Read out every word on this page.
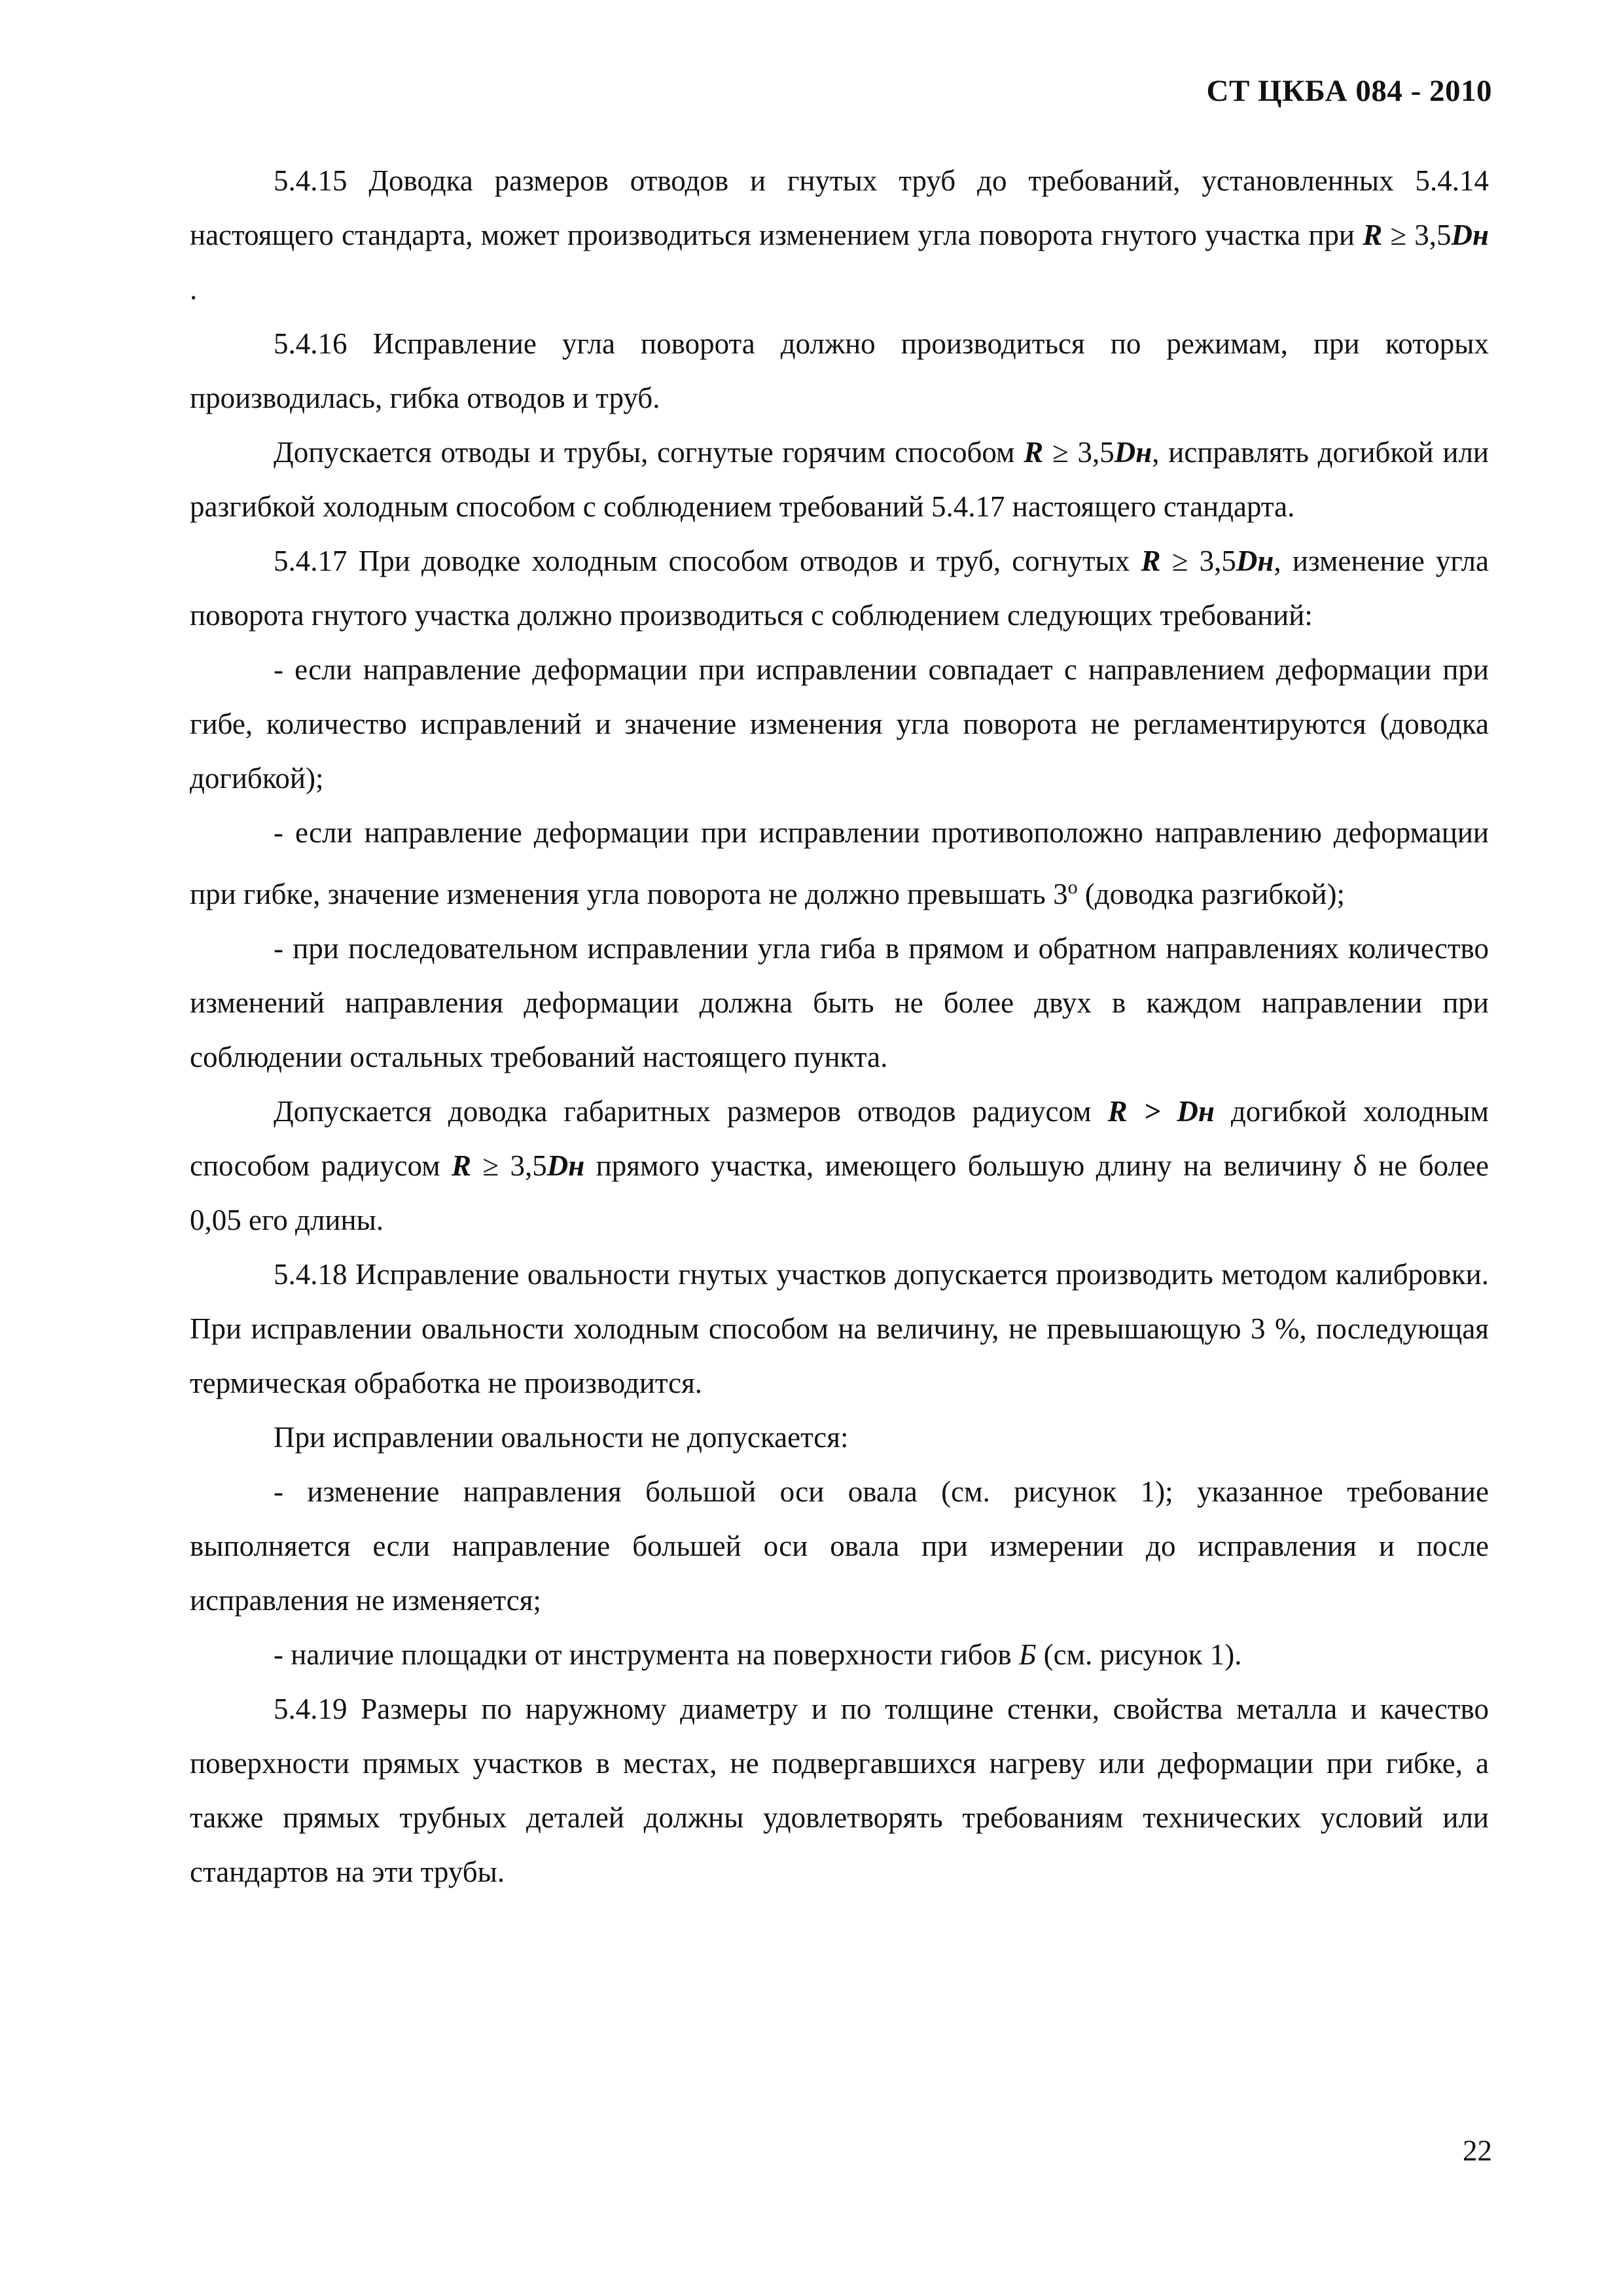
СТ ЦКБА 084 - 2010

5.4.15 Доводка размеров отводов и гнутых труб до требований, установленных 5.4.14 настоящего стандарта, может производиться изменением угла поворота гнутого участка при R ≥ 3,5Dн .

5.4.16 Исправление угла поворота должно производиться по режимам, при которых производилась, гибка отводов и труб.

Допускается отводы и трубы, согнутые горячим способом R ≥ 3,5Dн, исправлять догибкой или разгибкой холодным способом с соблюдением требований 5.4.17 настоящего стандарта.

5.4.17 При доводке холодным способом отводов и труб, согнутых R ≥ 3,5Dн, изменение угла поворота гнутого участка должно производиться с соблюдением следующих требований:

- если направление деформации при исправлении совпадает с направлением деформации при гибе, количество исправлений и значение изменения угла поворота не регламентируются (доводка догибкой);

- если направление деформации при исправлении противоположно направлению деформации при гибке, значение изменения угла поворота не должно превышать $3^о$ (доводка разгибкой);

- при последовательном исправлении угла гиба в прямом и обратном направлениях количество изменений направления деформации должна быть не более двух в каждом направлении при соблюдении остальных требований настоящего пункта.

Допускается доводка габаритных размеров отводов радиусом R > Dн догибкой холодным способом радиусом R ≥ 3,5Dн прямого участка, имеющего большую длину на величину δ не более 0,05 его длины.

5.4.18 Исправление овальности гнутых участков допускается производить методом калибровки. При исправлении овальности холодным способом на величину, не превышающую 3 %, последующая термическая обработка не производится.

При исправлении овальности не допускается:

- изменение направления большой оси овала (см. рисунок 1); указанное требование выполняется если направление большей оси овала при измерении до исправления и после исправления не изменяется;

- наличие площадки от инструмента на поверхности гибов Б (см. рисунок 1).

5.4.19 Размеры по наружному диаметру и по толщине стенки, свойства металла и качество поверхности прямых участков в местах, не подвергавшихся нагреву или деформации при гибке, а также прямых трубных деталей должны удовлетворять требованиям технических условий или стандартов на эти трубы.

22
